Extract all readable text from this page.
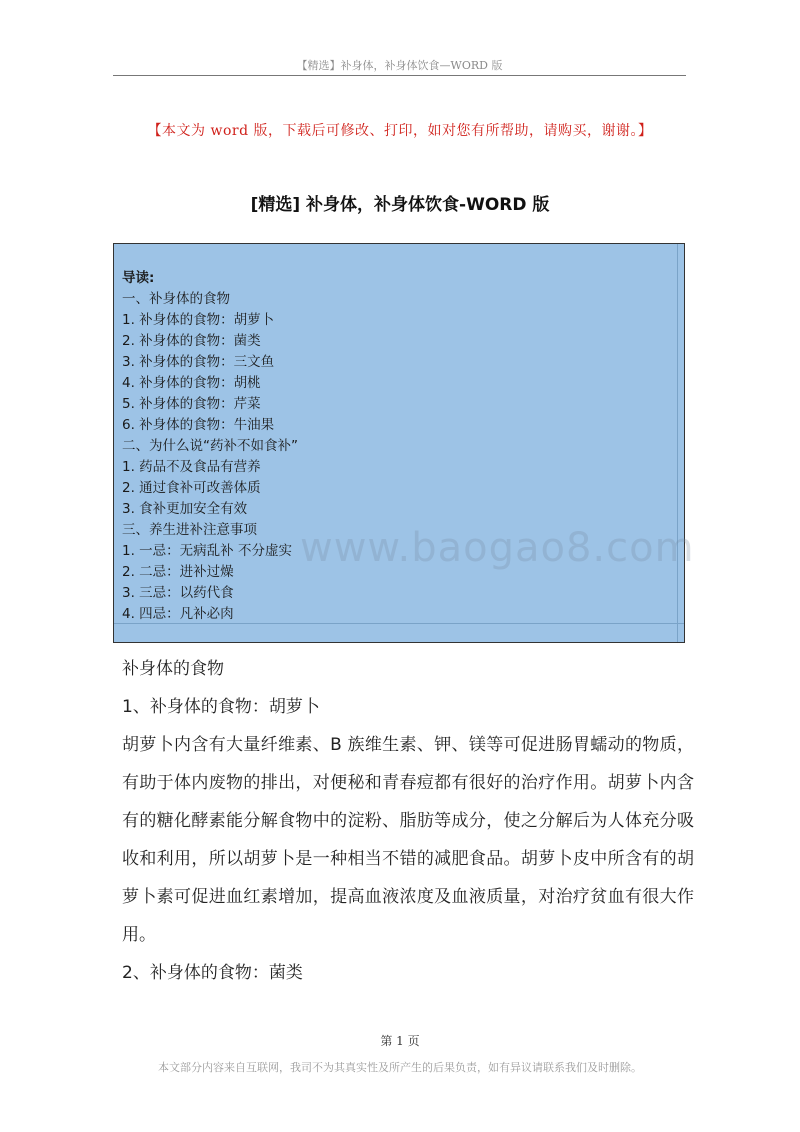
【精选】补身体，补身体饮食—WORD 版
【本文为 word 版，下载后可修改、打印，如对您有所帮助，请购买，谢谢。】
[精选] 补身体，补身体饮食-WORD 版
导读:
一、补身体的食物
1. 补身体的食物：胡萝卜
2. 补身体的食物：菌类
3. 补身体的食物：三文鱼
4. 补身体的食物：胡桃
5. 补身体的食物：芹菜
6. 补身体的食物：牛油果
二、为什么说“药补不如食补”
1. 药品不及食品有营养
2. 通过食补可改善体质
3. 食补更加安全有效
三、养生进补注意事项
1. 一忌：无病乱补 不分虚实
2. 二忌：进补过燥
3. 三忌：以药代食
4. 四忌：凡补必肉
www.baogao8.com

补身体的食物

1、补身体的食物：胡萝卜

胡萝卜内含有大量纤维素、B 族维生素、钾、镁等可促进肠胃蠕动的物质，有助于体内废物的排出，对便秘和青春痘都有很好的治疗作用。胡萝卜内含有的糖化酵素能分解食物中的淀粉、脂肪等成分，使之分解后为人体充分吸收和利用，所以胡萝卜是一种相当不错的减肥食品。胡萝卜皮中所含有的胡萝卜素可促进血红素增加，提高血液浓度及血液质量，对治疗贫血有很大作用。

2、补身体的食物：菌类

第 1 页
本文部分内容来自互联网，我司不为其真实性及所产生的后果负责，如有异议请联系我们及时删除。
